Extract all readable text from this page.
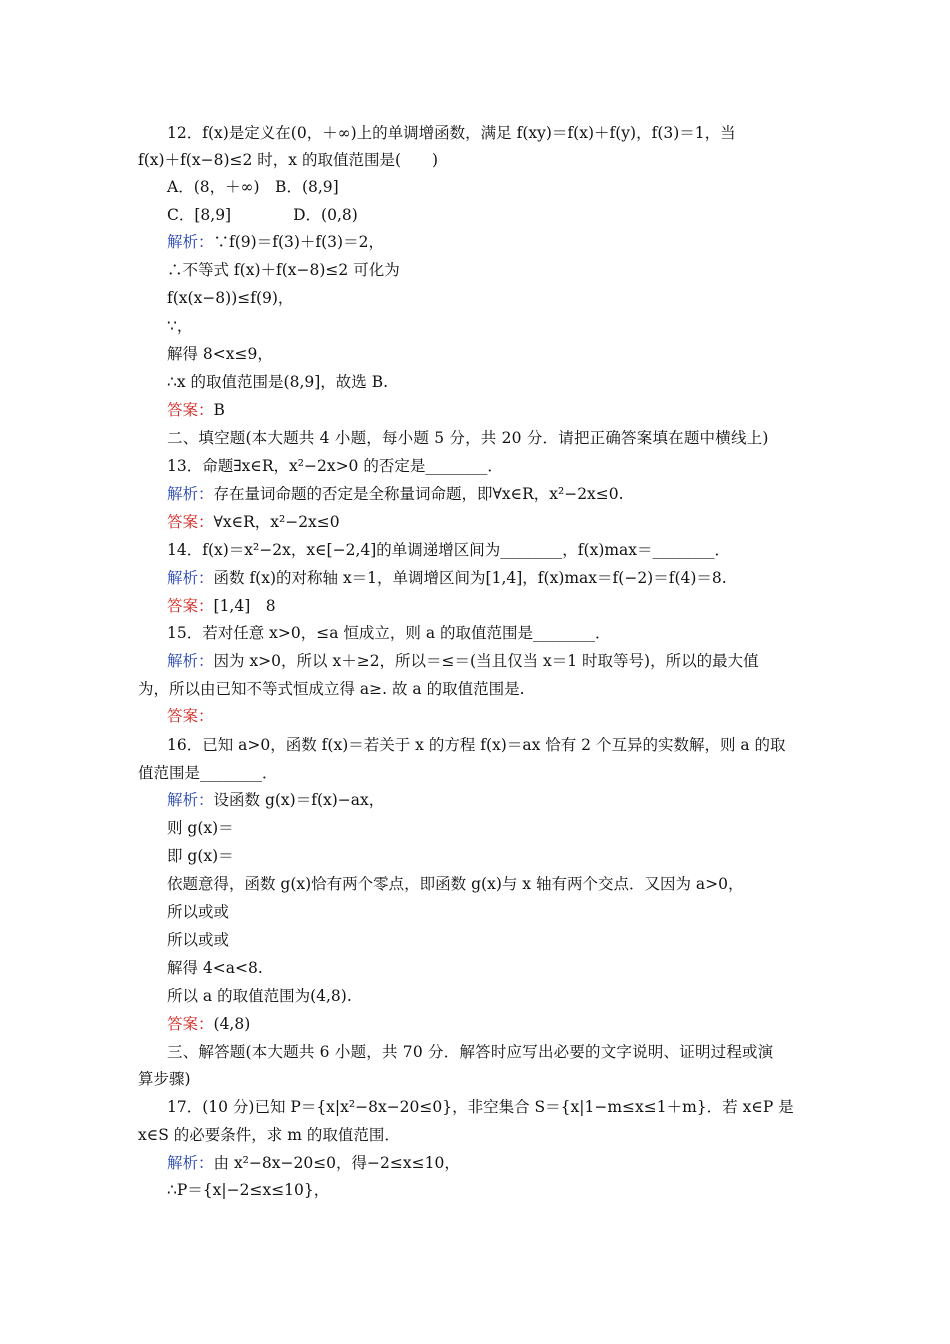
12．f(x)是定义在(0，＋∞)上的单调增函数，满足 f(xy)＝f(x)＋f(y)，f(3)＝1，当
f(x)＋f(x−8)≤2 时，x 的取值范围是(　　)
A．(8，＋∞)　B．(8,9]
C．[8,9]　　　　D．(0,8)
解析：∵f(9)＝f(3)＋f(3)＝2，
∴不等式 f(x)＋f(x−8)≤2 可化为
f(x(x−8))≤f(9)，
∵，
解得 8<x≤9，
∴x 的取值范围是(8,9]，故选 B.
答案：B
二、填空题(本大题共 4 小题，每小题 5 分，共 20 分．请把正确答案填在题中横线上)
13．命题∃x∈R，x²−2x>0 的否定是________．
解析：存在量词命题的否定是全称量词命题，即∀x∈R，x²−2x≤0.
答案：∀x∈R，x²−2x≤0
14．f(x)＝x²−2x，x∈[−2,4]的单调递增区间为________，f(x)max＝________．
解析：函数 f(x)的对称轴 x＝1，单调增区间为[1,4]，f(x)max＝f(−2)＝f(4)＝8.
答案：[1,4]　8
15．若对任意 x>0，≤a 恒成立，则 a 的取值范围是________．
解析：因为 x>0，所以 x＋≥2，所以＝≤＝(当且仅当 x＝1 时取等号)，所以的最大值
为，所以由已知不等式恒成立得 a≥. 故 a 的取值范围是.
答案：
16．已知 a>0，函数 f(x)＝若关于 x 的方程 f(x)＝ax 恰有 2 个互异的实数解，则 a 的取
值范围是________．
解析：设函数 g(x)＝f(x)−ax，
则 g(x)＝
即 g(x)＝
依题意得，函数 g(x)恰有两个零点，即函数 g(x)与 x 轴有两个交点．又因为 a>0，
所以或或
所以或或
解得 4<a<8.
所以 a 的取值范围为(4,8).
答案：(4,8)
三、解答题(本大题共 6 小题，共 70 分．解答时应写出必要的文字说明、证明过程或演
算步骤)
17．(10 分)已知 P＝{x|x²−8x−20≤0}，非空集合 S＝{x|1−m≤x≤1＋m}．若 x∈P 是
x∈S 的必要条件，求 m 的取值范围．
解析：由 x²−8x−20≤0，得−2≤x≤10，
∴P＝{x|−2≤x≤10}，
